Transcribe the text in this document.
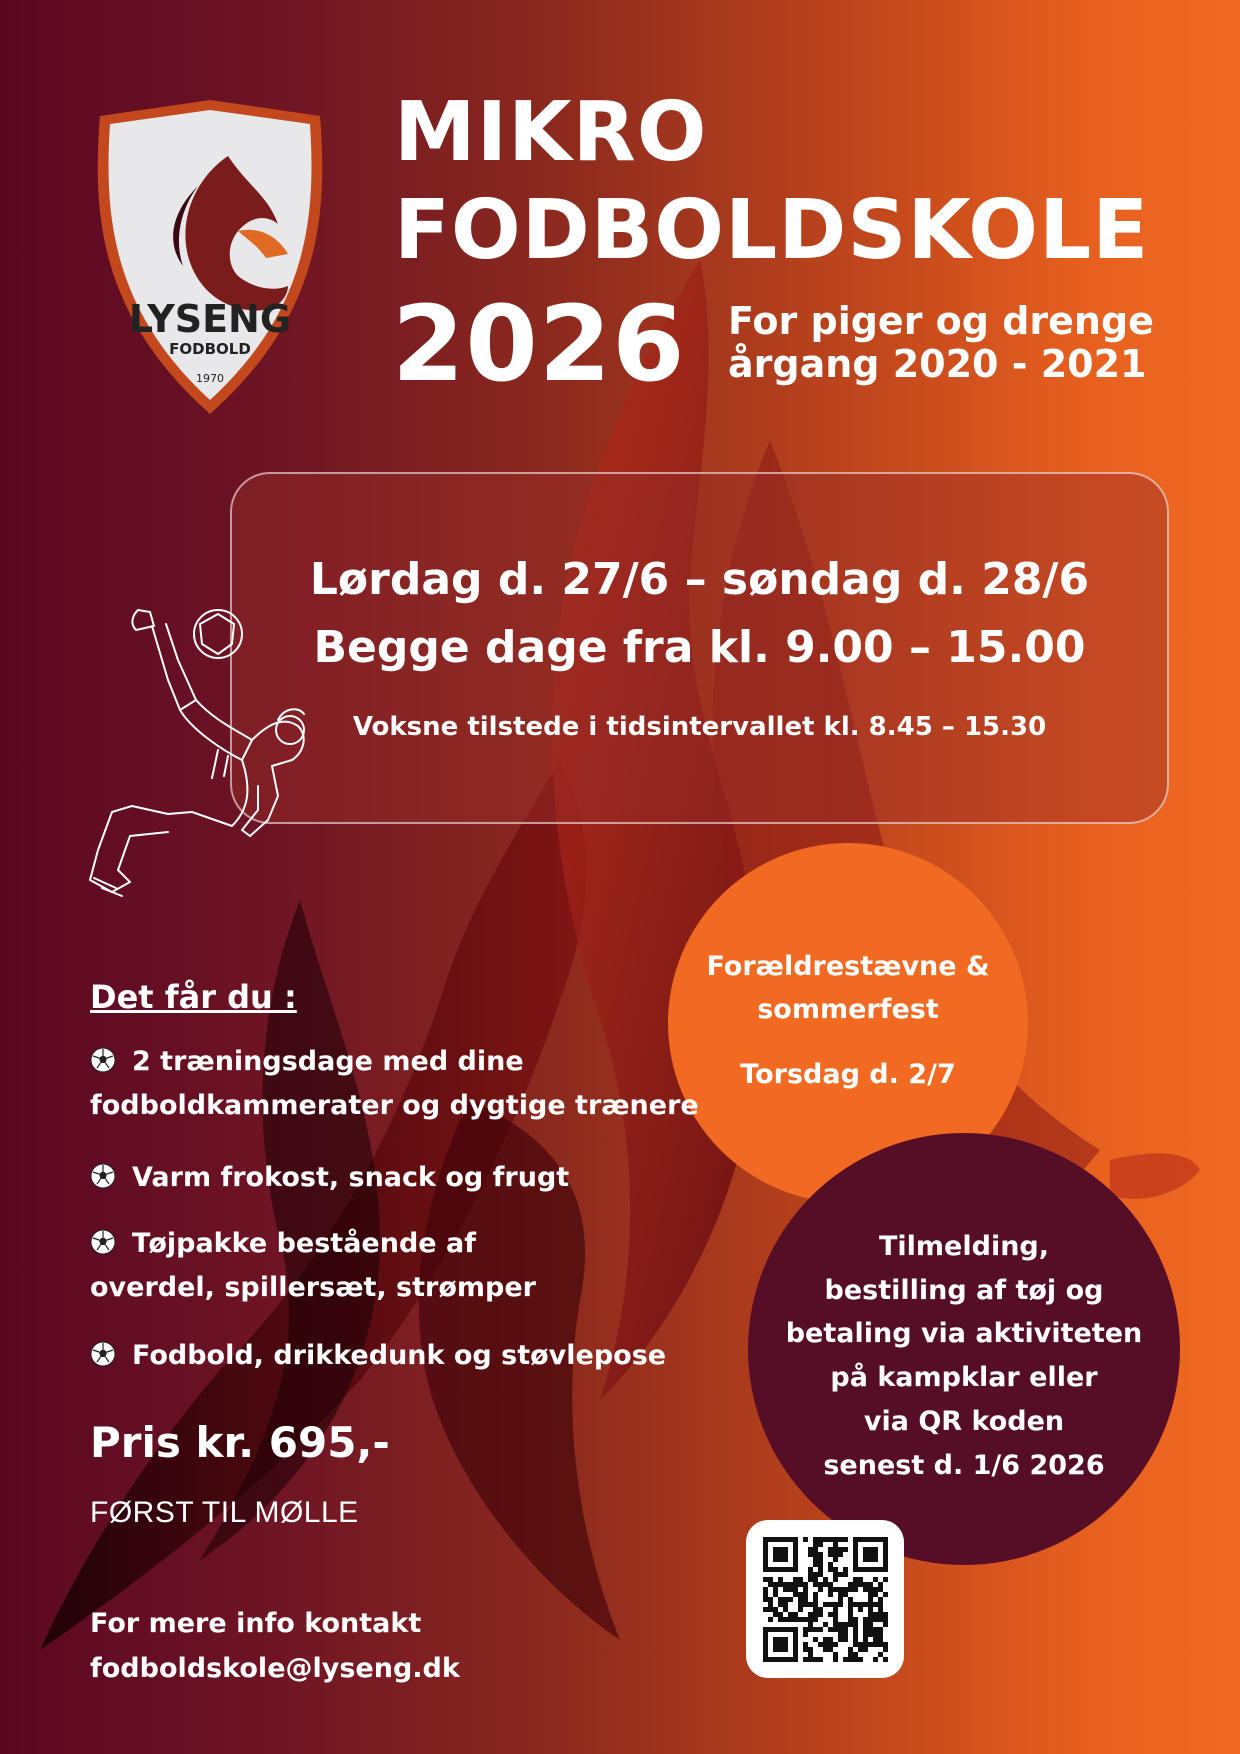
LYSENG
FODBOLD
1970
MIKRO
FODBOLDSKOLE
2026 For piger og drenge
årgang 2020 - 2021
Lørdag d. 27/6 – søndag d. 28/6
Begge dage fra kl. 9.00 – 15.00
Voksne tilstede i tidsintervallet kl. 8.45 – 15.30
Forældrestævne &
sommerfest
Torsdag d. 2/7
Tilmelding,
bestilling af tøj og
betaling via aktiviteten
på kampklar eller
via QR koden
senest d. 1/6 2026
Det får du :
2 træningsdage med dine
fodboldkammerater og dygtige trænere
Varm frokost, snack og frugt
Tøjpakke bestående af
overdel, spillersæt, strømper
Fodbold, drikkedunk og støvlepose
Pris kr. 695,-
FØRST TIL MØLLE
For mere info kontakt
fodboldskole@lyseng.dk
